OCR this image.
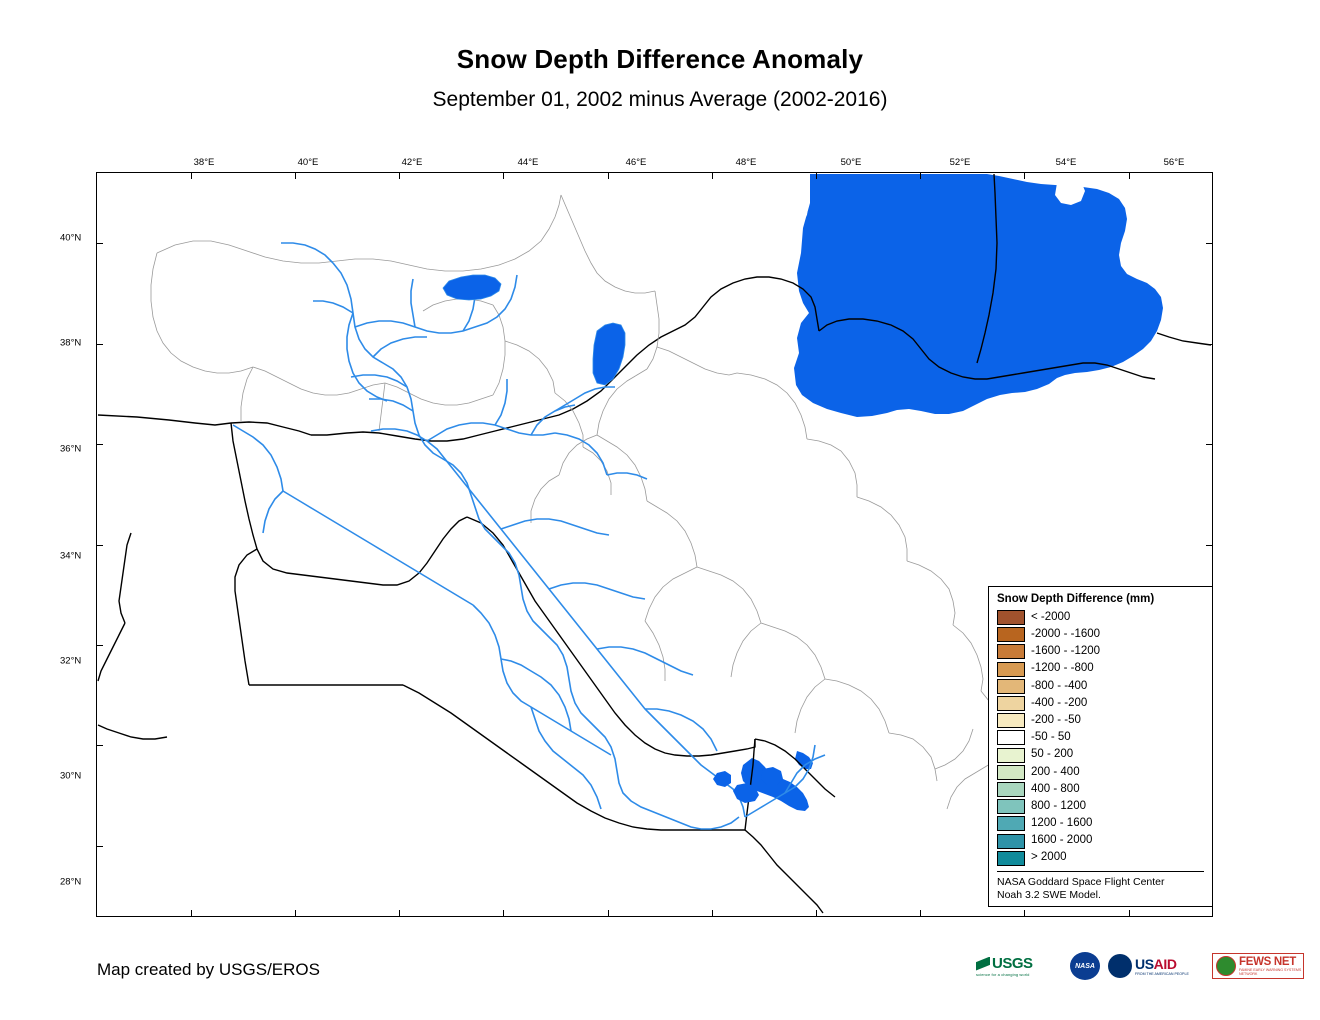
Snow Depth Difference Anomaly
September 01, 2002 minus Average (2002-2016)
38°E	40°E	42°E	44°E	46°E	48°E	50°E	52°E	54°E	56°E
40°N
38°N
36°N
34°N
32°N
30°N
28°N
Snow Depth Difference (mm)
< -2000
-2000 - -1600
-1600 - -1200
-1200 - -800
-800 - -400
-400 - -200
-200 - -50
-50 - 50
50 - 200
200 - 400
400 - 800
800 - 1200
1200 - 1600
1600 - 2000
> 2000
NASA Goddard Space Flight Center
Noah 3.2 SWE Model.
Map created by USGS/EROS	USGS
science for a changing world
NASA	USAID
FROM THE AMERICAN PEOPLE
FEWS NET
FAMINE EARLY WARNING SYSTEMS NETWORK
